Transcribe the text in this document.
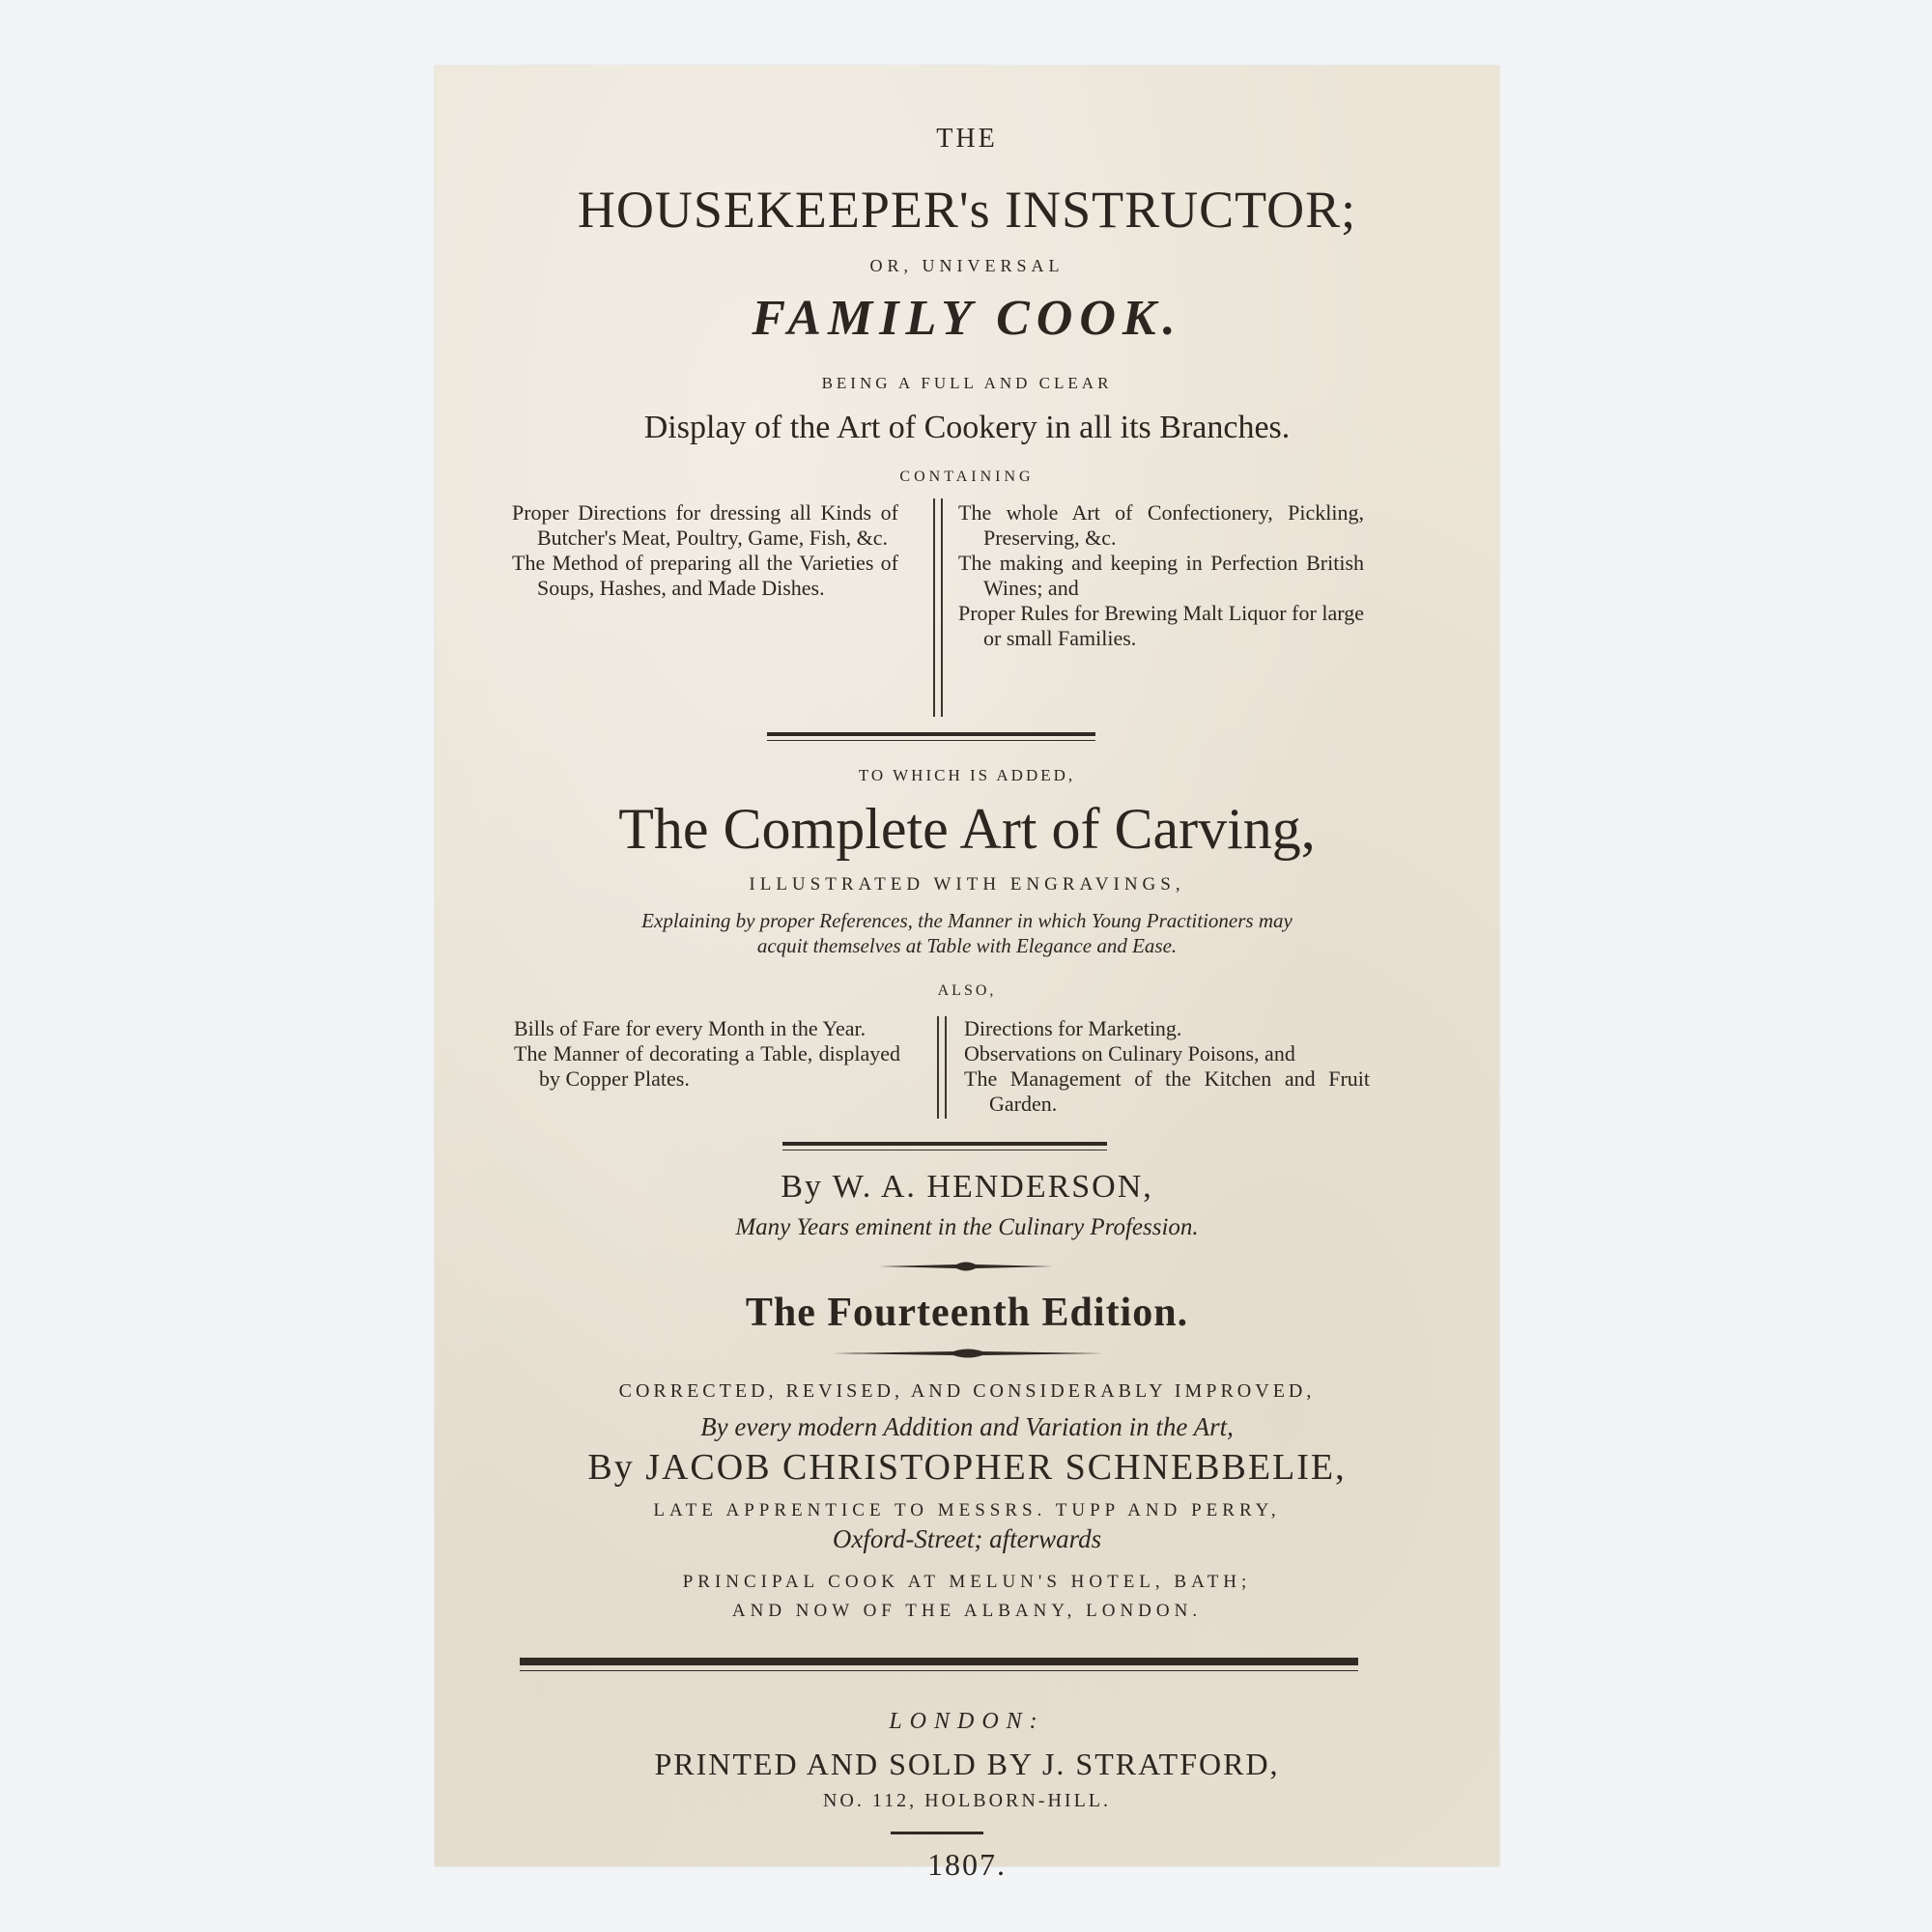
THE
HOUSEKEEPER's INSTRUCTOR;
OR, UNIVERSAL
FAMILY COOK.
BEING A FULL AND CLEAR
Display of the Art of Cookery in all its Branches.
CONTAINING

Proper Directions for dressing all Kinds of Butcher's Meat, Poultry, Game, Fish, &c.

The Method of preparing all the Varieties of Soups, Hashes, and Made Dishes.

The whole Art of Confectionery, Pickling, Preserving, &c.

The making and keeping in Perfection British Wines; and

Proper Rules for Brewing Malt Liquor for large or small Families.

TO WHICH IS ADDED,
The Complete Art of Carving,
ILLUSTRATED WITH ENGRAVINGS,
Explaining by proper References, the Manner in which Young Practitioners may
acquit themselves at Table with Elegance and Ease.
ALSO,

Bills of Fare for every Month in the Year.

The Manner of decorating a Table, displayed by Copper Plates.

Directions for Marketing.

Observations on Culinary Poisons, and

The Management of the Kitchen and Fruit Garden.

By W. A. HENDERSON,
Many Years eminent in the Culinary Profession.
The Fourteenth Edition.
CORRECTED, REVISED, AND CONSIDERABLY IMPROVED,
By every modern Addition and Variation in the Art,
By JACOB CHRISTOPHER SCHNEBBELIE,
LATE APPRENTICE TO MESSRS. TUPP AND PERRY,
Oxford-Street; afterwards
PRINCIPAL COOK AT MELUN'S HOTEL, BATH;
AND NOW OF THE ALBANY, LONDON.
LONDON:
PRINTED AND SOLD BY J. STRATFORD,
NO. 112, HOLBORN-HILL.
1807.
